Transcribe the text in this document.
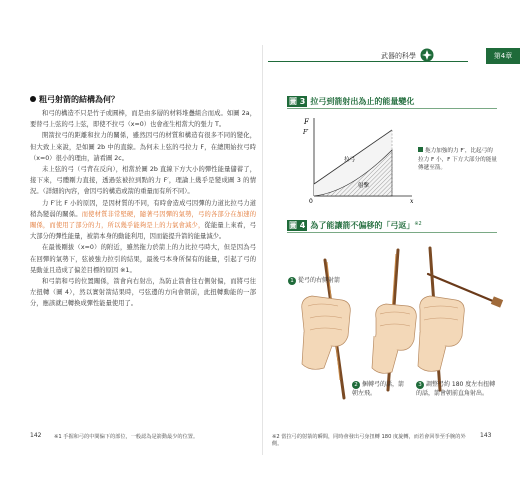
武器的科學	第4章
粗弓射箭的結構為何？

和弓的構造不只是竹子或圓棒，而是由多層的材料堆疊組合而成。如圖 2a，要替弓上弦的弓上弦，即使不拉弓（x=0）也會產生相當大的張力 T。

開箭拉弓的距離和拉力的關係，雖然因弓的材質和構造有很多不同的變化，但大致上來說，是如圖 2b 中的直線。為何未上弦的弓拉力 F，在總開始拉弓時（x=0）很小的理由，請看圖 2c。

未上弦的弓（弓背在反向），相當於圖 2b 直線下方大小的彈性能量儲蓄了，接下來，弓體剛力直接，透過弦被拉到點的力 F′，理論上幾乎是變成圖 3 的情況。（詳細的內容，會因弓的構造或箭的重量而有所不同）。

力 F′比 F 小的原因，是因材質的不同，有時會造成弓因彈的力道比拉弓力道稍為變弱的關係。而使材質非常堅硬，隨著弓因彈的氣勢，弓的各部分在加速的關係，而使用了部分的力，所以幾乎能夠是上的力氣會減少，從能量上來看，弓大部分的彈性能量，被箭本身的動能利用，因而能提升箭的能量減少。

在最後剛拔（x=0）的附近，雖然拖力於箭上的力比拉弓時大，但是因為弓在回彈的氣勢下，弦被強力拉引的結果，最後弓本身所保有的能量，引起了弓的晃動並且造成了偏差目標的原因 ※1。

和弓箭和弓的位置關係，箭會向右射出，為防止箭會往右側射偏，而將弓往左扭轉（圖 4），然以實射箭結果時，弓弦邊的方向會朝前，此扭轉動能的一部分，應該就已轉換成彈性能量使用了。

圖 3 拉弓到箭射出為止的能量變化
F
F′
x
0
拉弓
射擊
拖力加強的力 F′，比起弓的拉力 F 小，F 下方大部分的能量傳遞至箭。
圖 4 為了能讓箭不偏移的「弓返」$^{※2}$
1 從弓的右側射箭
2 捆轉弓的話，箭朝左飛。
3 調整弓約 180 度左右扭轉的話，箭會朝前直角射出。
142 ※1 手握和弓的中間偏下的部位，一般認為是箭動最少的位置。	※2 當拉弓的射箭的瞬間，同時會發出弓身扭轉 180 度旋轉，而若會回拳至手腕的外側。
143
